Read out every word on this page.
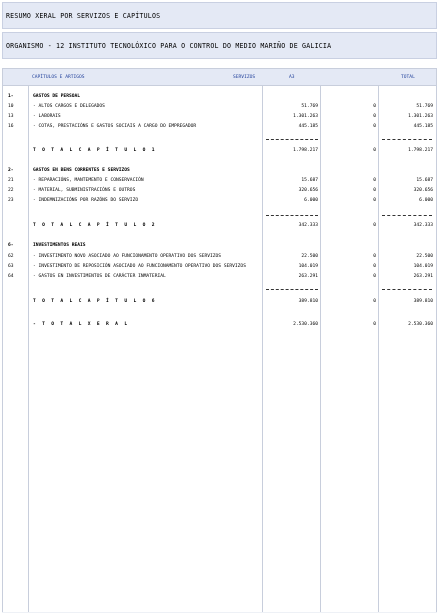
RESUMO XERAL POR SERVIZOS E CAPÍTULOS
ORGANISMO - 12 INSTITUTO TECNOLÓXICO PARA O CONTROL DO MEDIO MARIÑO DE GALICIA
CAPÍTULOS E ARTIGOS	SERVIZOS	A3	TOTAL
1-	GASTOS DE PERSOAL
10	- ALTOS CARGOS E DELEGADOS	51.769	0	51.769
13	- LABORAIS	1.301.263	0	1.301.263
16	- COTAS, PRESTACIÓNS E GASTOS SOCIAIS A CARGO DO EMPREGADOR	445.185	0	445.185
T O T A L C A P Í T U L O 1	1.798.217	0	1.798.217
2-	GASTOS EN BENS CORRENTES E SERVIZOS
21	- REPARACIÓNS, MANTEMENTO E CONSERVACIÓN	15.687	0	15.687
22	- MATERIAL, SUBMINISTRACIÓNS E OUTROS	320.656	0	320.656
23	- INDEMNIZACIÓNS POR RAZÓNS DO SERVIZO	6.000	0	6.000
T O T A L C A P Í T U L O 2	342.333	0	342.333
6-	INVESTIMENTOS REAIS
62	- INVESTIMENTO NOVO ASOCIADO AO FUNCIONAMENTO OPERATIVO DOS SERVIZOS	22.500	0	22.500
63	- INVESTIMENTO DE REPOSICIÓN ASOCIADO AO FUNCIONAMENTO OPERATIVO DOS SERVIZOS	104.019	0	104.019
64	- GASTOS EN INVESTIMENTOS DE CARÁCTER INMATERIAL	263.291	0	263.291
T O T A L C A P Í T U L O 6	389.810	0	389.810
- T O T A L X E R A L	2.530.360	0	2.530.360
